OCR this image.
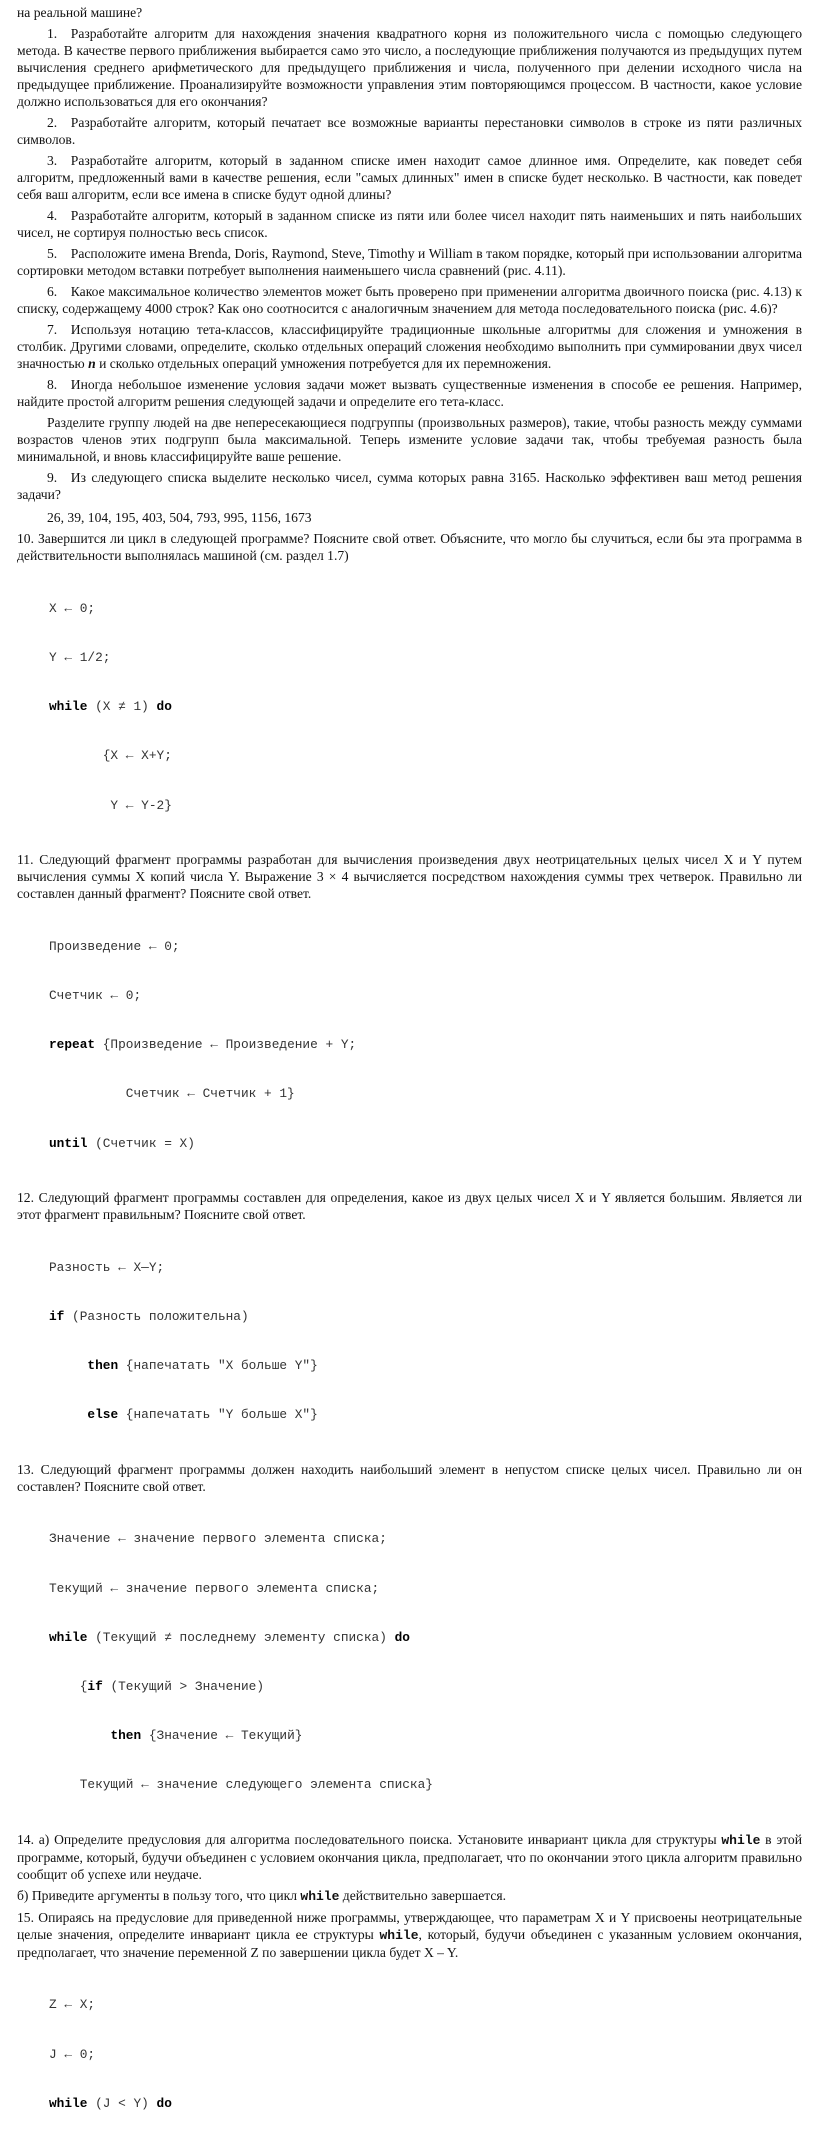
на реальной машине?

1. Разработайте алгоритм для нахождения значения квадратного корня из положительного числа с помощью следующего метода. В качестве первого приближения выбирается само это число, а последующие приближения получаются из предыдущих путем вычисления среднего арифметического для предыдущего приближения и числа, полученного при делении исходного числа на предыдущее приближение. Проанализируйте возможности управления этим повторяющимся процессом. В частности, какое условие должно использоваться для его окончания?

2. Разработайте алгоритм, который печатает все возможные варианты перестановки символов в строке из пяти различных символов.

3. Разработайте алгоритм, который в заданном списке имен находит самое длинное имя. Определите, как поведет себя алгоритм, предложенный вами в качестве решения, если "самых длинных" имен в списке будет несколько. В частности, как поведет себя ваш алгоритм, если все имена в списке будут одной длины?

4. Разработайте алгоритм, который в заданном списке из пяти или более чисел находит пять наименьших и пять наибольших чисел, не сортируя полностью весь список.

5. Расположите имена Brenda, Doris, Raymond, Steve, Timothy и William в таком порядке, который при использовании алгоритма сортировки методом вставки потребует выполнения наименьшего числа сравнений (рис. 4.11).

6. Какое максимальное количество элементов может быть проверено при применении алгоритма двоичного поиска (рис. 4.13) к списку, содержащему 4000 строк? Как оно соотносится с аналогичным значением для метода последовательного поиска (рис. 4.6)?

7. Используя нотацию тета-классов, классифицируйте традиционные школьные алгоритмы для сложения и умножения в столбик. Другими словами, определите, сколько отдельных операций сложения необходимо выполнить при суммировании двух чисел значностью n и сколько отдельных операций умножения потребуется для их перемножения.

8. Иногда небольшое изменение условия задачи может вызвать существенные изменения в способе ее решения. Например, найдите простой алгоритм решения следующей задачи и определите его тета-класс.

Разделите группу людей на две непересекающиеся подгруппы (произвольных размеров), такие, чтобы разность между суммами возрастов членов этих подгрупп была максимальной. Теперь измените условие задачи так, чтобы требуемая разность была минимальной, и вновь классифицируйте ваше решение.

9. Из следующего списка выделите несколько чисел, сумма которых равна 3165. Насколько эффективен ваш метод решения задачи?

26, 39, 104, 195, 403, 504, 793, 995, 1156, 1673

10. Завершится ли цикл в следующей программе? Поясните свой ответ. Объясните, что могло бы случиться, если бы эта программа в действительности выполнялась машиной (см. раздел 1.7)

X ← 0;

Y ← 1/2;

while (X ≠ 1) do

{X ← X+Y;

Y ← Y-2}

11. Следующий фрагмент программы разработан для вычисления произведения двух неотрицательных целых чисел X и Y путем вычисления суммы X копий числа Y. Выражение 3 × 4 вычисляется посредством нахождения суммы трех четверок. Правильно ли составлен данный фрагмент? Поясните свой ответ.

Произведение ← 0;

Счетчик ← 0;

repeat {Произведение ← Произведение + Y;

Счетчик ← Счетчик + 1}

until (Счетчик = X)

12. Следующий фрагмент программы составлен для определения, какое из двух целых чисел X и Y является большим. Является ли этот фрагмент правильным? Поясните свой ответ.

Разность ← X—Y;

if (Разность положительна)

then {напечатать "X больше Y"}

else {напечатать "Y больше X"}

13. Следующий фрагмент программы должен находить наибольший элемент в непустом списке целых чисел. Правильно ли он составлен? Поясните свой ответ.

Значение ← значение первого элемента списка;

Текущий ← значение первого элемента списка;

while (Текущий ≠ последнему элементу списка) do

{if (Текущий > Значение)

then {Значение ← Текущий}

Текущий ← значение следующего элемента списка}

14. а) Определите предусловия для алгоритма последовательного поиска. Установите инвариант цикла для структуры while в этой программе, который, будучи объединен с условием окончания цикла, предполагает, что по окончании этого цикла алгоритм правильно сообщит об успехе или неудаче.

б) Приведите аргументы в пользу того, что цикл while действительно завершается.

15. Опираясь на предусловие для приведенной ниже программы, утверждающее, что параметрам X и Y присвоены неотрицательные целые значения, определите инвариант цикла ее структуры while, который, будучи объединен с указанным условием окончания, предполагает, что значение переменной Z по завершении цикла будет X – Y.

Z ← X;

J ← 0;

while (J < Y) do
